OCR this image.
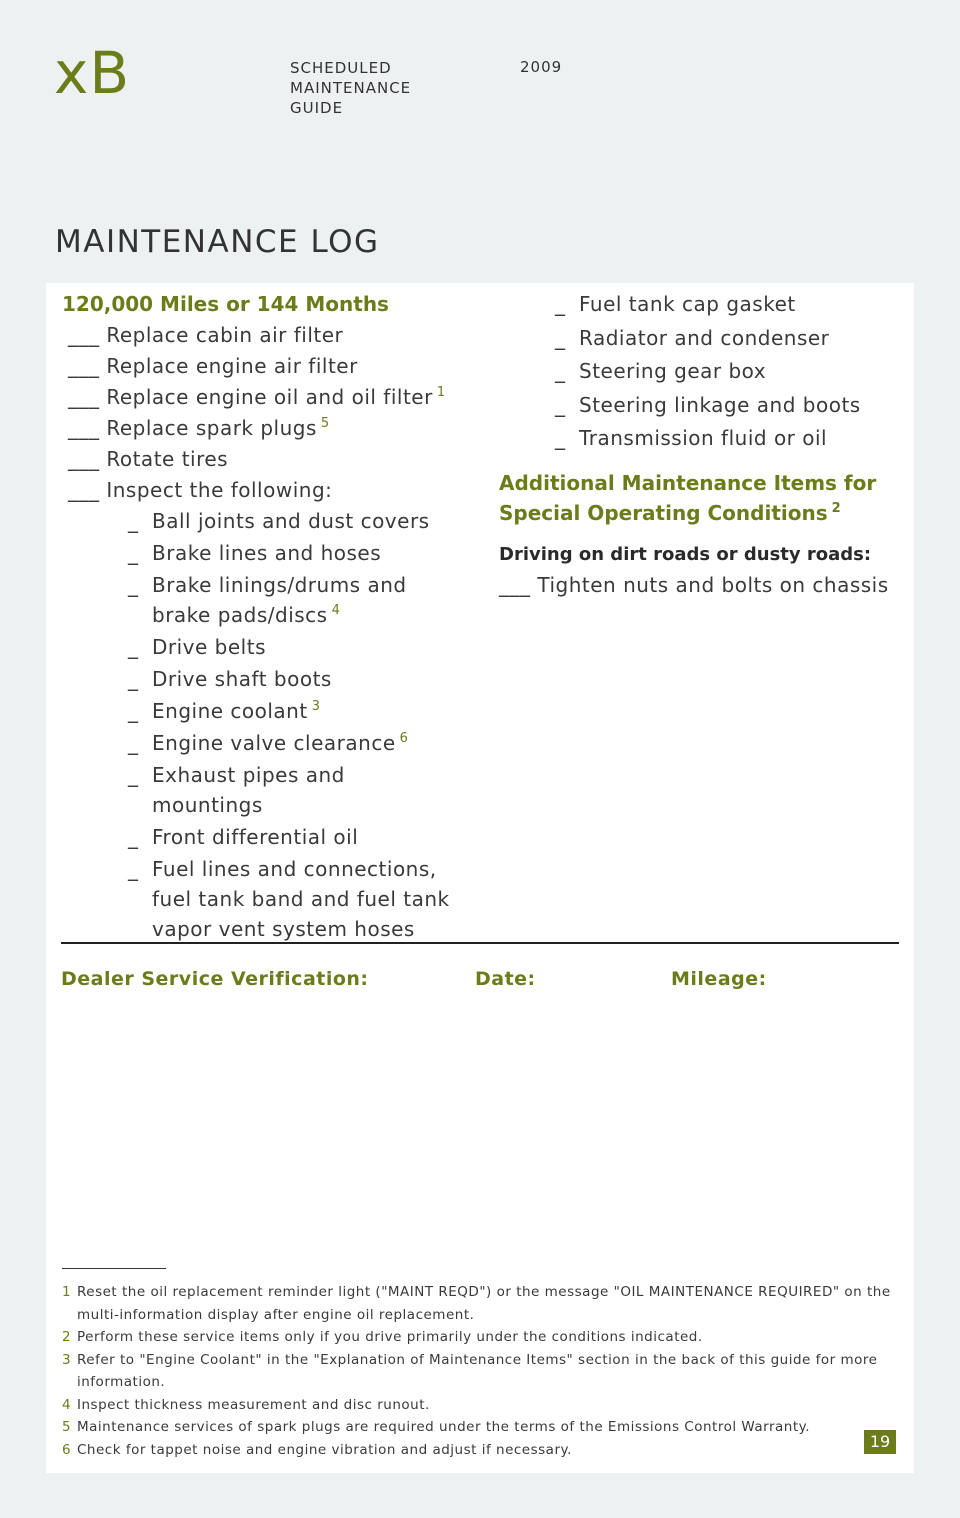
xB	SCHEDULED
MAINTENANCE
GUIDE
2009
MAINTENANCE LOG
120,000 Miles or 144 Months
___ Replace cabin air filter
___ Replace engine air filter
___ Replace engine oil and oil filter $^1$
___ Replace spark plugs $^5$
___ Rotate tires
___ Inspect the following:
_ Ball joints and dust covers
_ Brake lines and hoses
_ Brake linings/drums and brake pads/discs $^4$
_ Drive belts
_ Drive shaft boots
_ Engine coolant $^3$
_ Engine valve clearance $^6$
_ Exhaust pipes and mountings
_ Front differential oil
_ Fuel lines and connections, fuel tank band and fuel tank vapor vent system hoses
_ Fuel tank cap gasket
_ Radiator and condenser
_ Steering gear box
_ Steering linkage and boots
_ Transmission fluid or oil
Additional Maintenance Items for Special Operating Conditions $^2$
Driving on dirt roads or dusty roads:
___ Tighten nuts and bolts on chassis
Dealer Service Verification:	Date:	Mileage:
1 Reset the oil replacement reminder light ("MAINT REQD") or the message "OIL MAINTENANCE REQUIRED" on the multi-information display after engine oil replacement.
2 Perform these service items only if you drive primarily under the conditions indicated.
3 Refer to "Engine Coolant" in the "Explanation of Maintenance Items" section in the back of this guide for more information.
4 Inspect thickness measurement and disc runout.
5 Maintenance services of spark plugs are required under the terms of the Emissions Control Warranty.
6 Check for tappet noise and engine vibration and adjust if necessary.	19
